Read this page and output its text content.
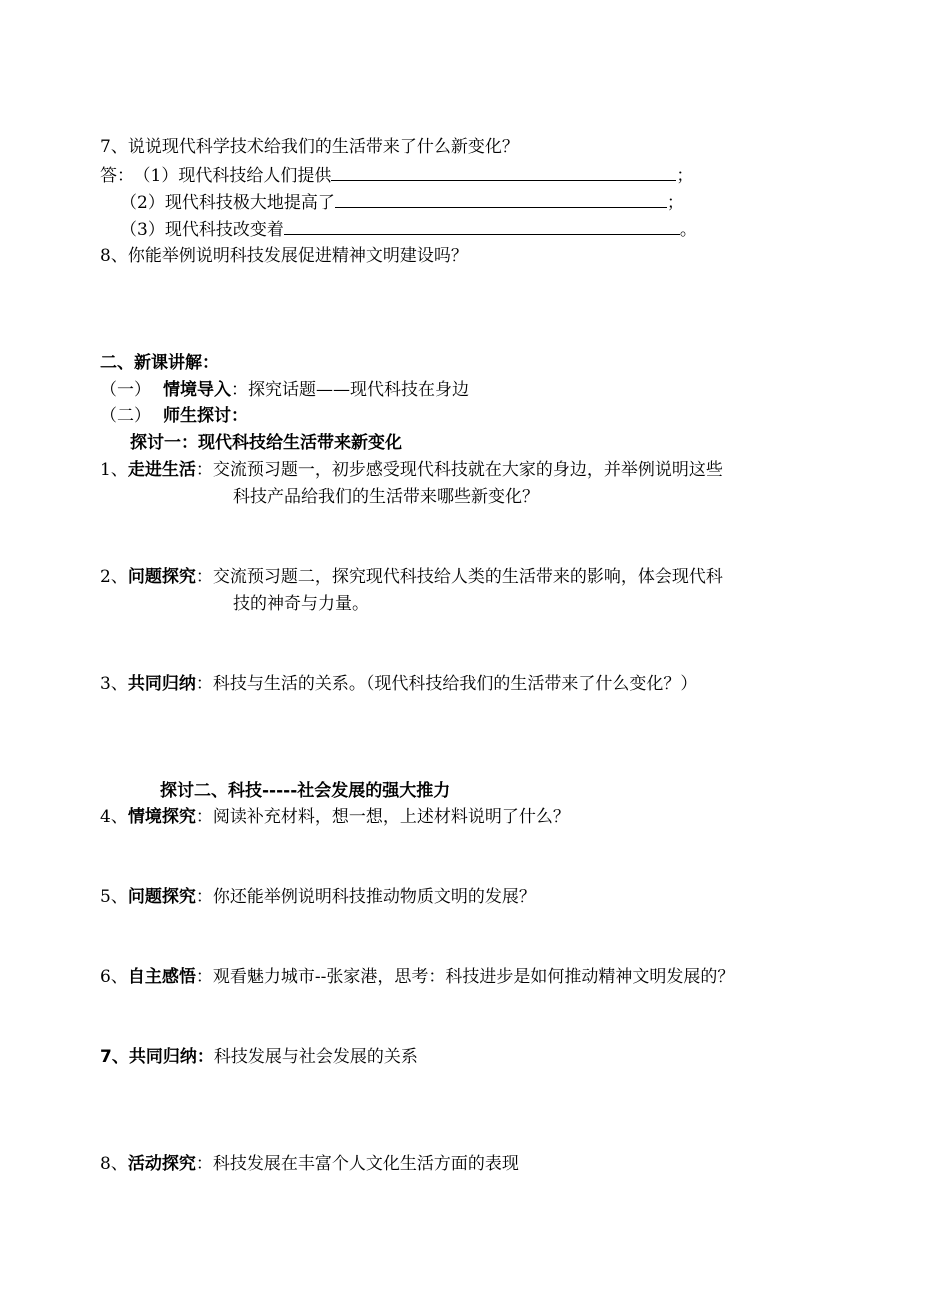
7、说说现代科学技术给我们的生活带来了什么新变化？
答： （1）现代科技给人们提供	；
（2）现代科技极大地提高了	；
（3）现代科技改变着	。
8、你能举例说明科技发展促进精神文明建设吗？
二、新课讲解：
（一） 情境导入：探究话题——现代科技在身边
（二） 师生探讨：
探讨一：现代科技给生活带来新变化
1、走进生活：交流预习题一，初步感受现代科技就在大家的身边，并举例说明这些
科技产品给我们的生活带来哪些新变化？
2、问题探究：交流预习题二，探究现代科技给人类的生活带来的影响，体会现代科
技的神奇与力量。
3、共同归纳：科技与生活的关系。（现代科技给我们的生活带来了什么变化？）
探讨二、科技-----社会发展的强大推力
4、情境探究：阅读补充材料，想一想，上述材料说明了什么？
5、问题探究：你还能举例说明科技推动物质文明的发展？
6、自主感悟：观看魅力城市--张家港，思考：科技进步是如何推动精神文明发展的？
7、共同归纳：科技发展与社会发展的关系
8、活动探究：科技发展在丰富个人文化生活方面的表现
